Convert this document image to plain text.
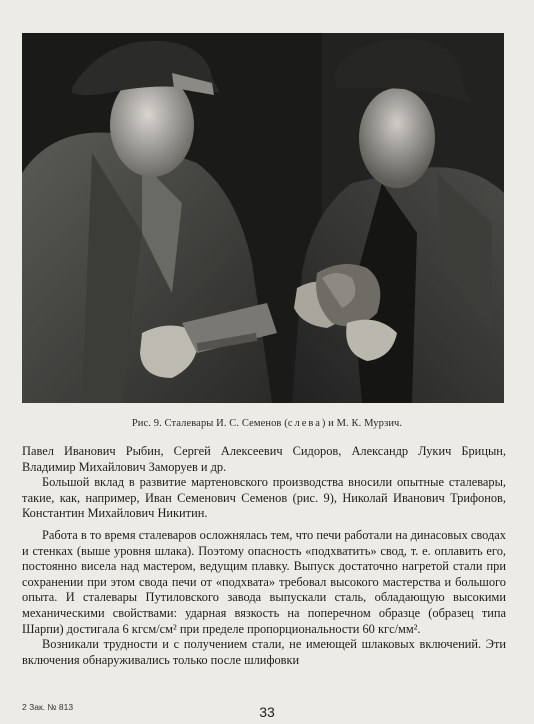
Рис. 9. Сталевары И. С. Семенов (слева) и М. К. Мурзич.

Павел Иванович Рыбин, Сергей Алексеевич Сидоров, Александр Лукич Брицын, Владимир Михайлович Заморуев и др.

Большой вклад в развитие мартеновского производства вносили опытные сталевары, такие, как, например, Иван Семенович Семенов (рис. 9), Николай Иванович Трифонов, Константин Михайлович Никитин.

Работа в то время сталеваров осложнялась тем, что печи работали на динасовых сводах и стенках (выше уровня шлака). Поэтому опасность «подхватить» свод, т. е. оплавить его, постоянно висела над мастером, ведущим плавку. Выпуск достаточно нагретой стали при сохранении при этом свода печи от «подхвата» требовал высокого мастерства и большого опыта. И сталевары Путиловского завода выпускали сталь, обладающую высокими механическими свойствами: ударная вязкость на поперечном образце (образец типа Шарпи) достигала 6 кгсм/см² при пределе пропорциональности 60 кгс/мм².

Возникали трудности и с получением стали, не имеющей шлаковых включений. Эти включения обнаруживались только после шлифовки

2 Зак. № 813	33
